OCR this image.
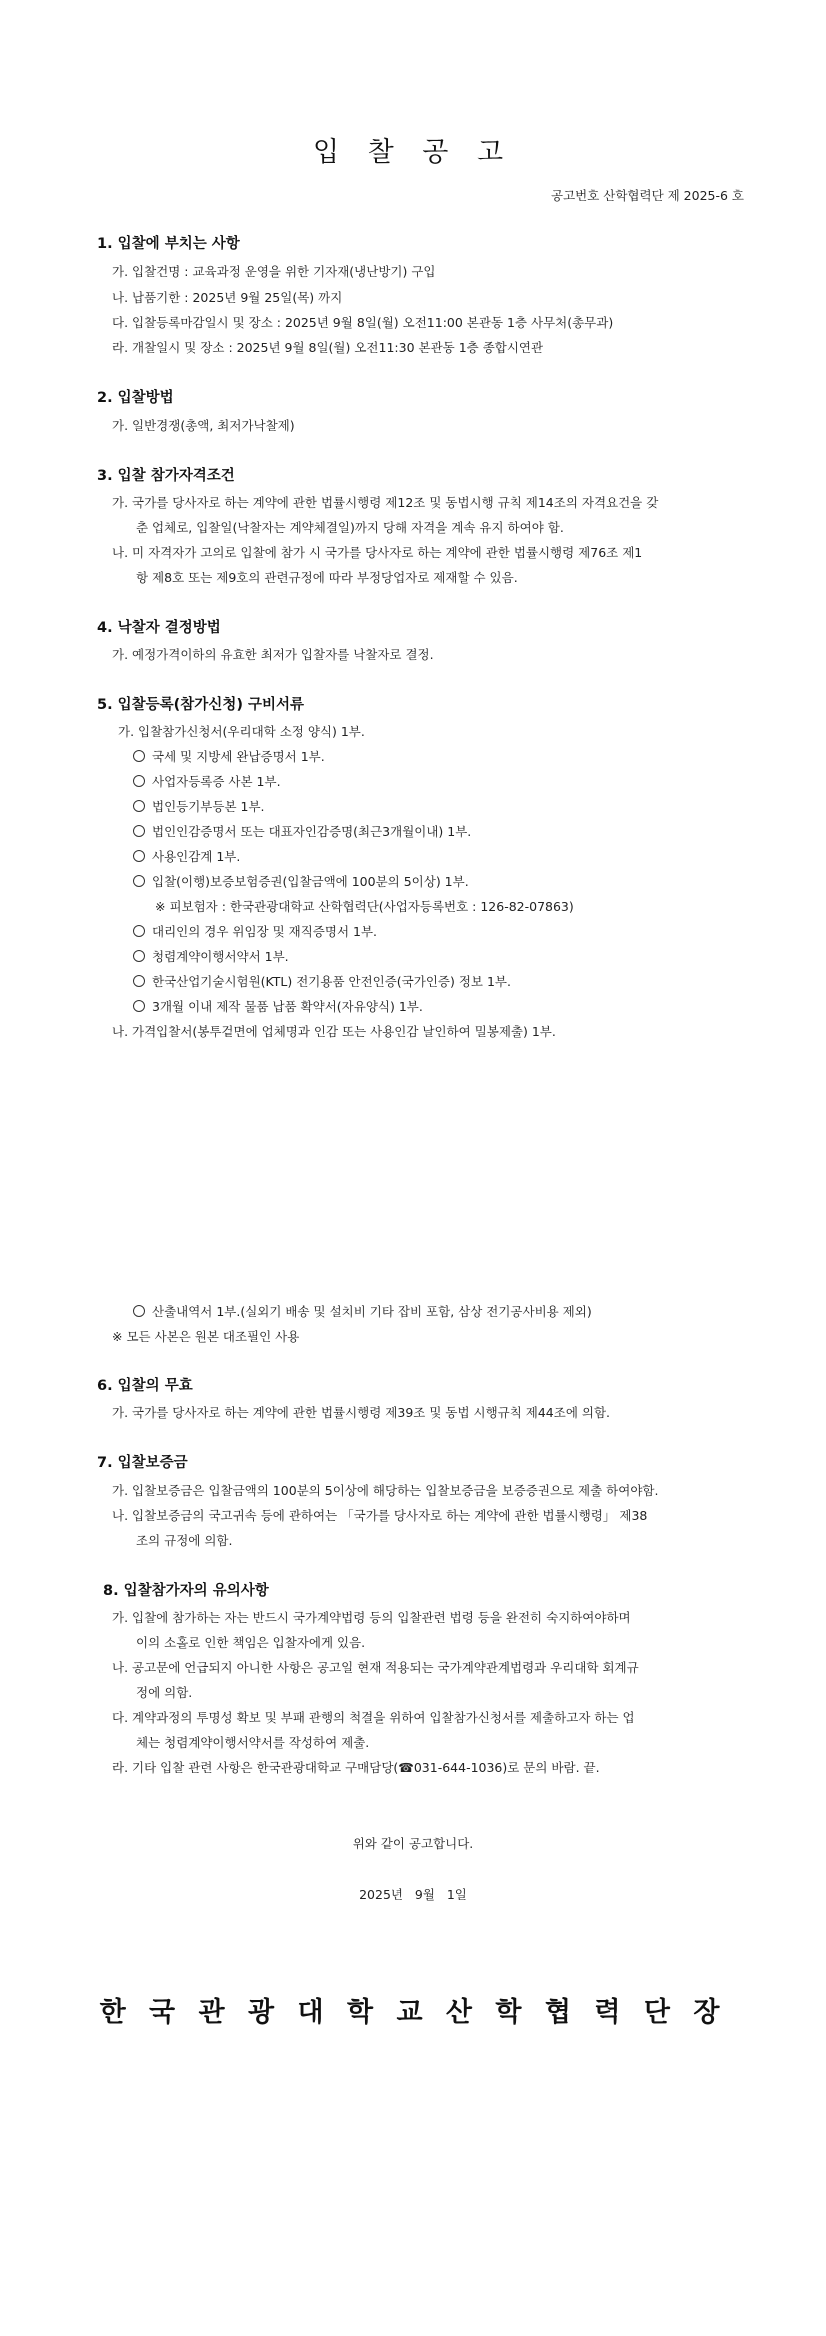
입 찰 공 고
공고번호 산학협력단 제 2025-6 호
1. 입찰에 부치는 사항
가. 입찰건명 : 교육과정 운영을 위한 기자재(냉난방기) 구입
나. 납품기한 : 2025년 9월 25일(목) 까지
다. 입찰등록마감일시 및 장소 : 2025년 9월 8일(월) 오전11:00 본관동 1층 사무처(총무과)
라. 개찰일시 및 장소 : 2025년 9월 8일(월) 오전11:30 본관동 1층 종합시연관
2. 입찰방법
가. 일반경쟁(총액, 최저가낙찰제)
3. 입찰 참가자격조건
가. 국가를 당사자로 하는 계약에 관한 법률시행령 제12조 및 동법시행 규칙 제14조의 자격요건을 갖
춘 업체로, 입찰일(낙찰자는 계약체결일)까지 당해 자격을 계속 유지 하여야 함.
나. 미 자격자가 고의로 입찰에 참가 시 국가를 당사자로 하는 계약에 관한 법률시행령 제76조 제1
항 제8호 또는 제9호의 관련규정에 따라 부정당업자로 제재할 수 있음.
4. 낙찰자 결정방법
가. 예정가격이하의 유효한 최저가 입찰자를 낙찰자로 결정.
5. 입찰등록(참가신청) 구비서류
가. 입찰참가신청서(우리대학 소정 양식) 1부.
국세 및 지방세 완납증명서 1부.
사업자등록증 사본 1부.
법인등기부등본 1부.
법인인감증명서 또는 대표자인감증명(최근3개월이내) 1부.
사용인감계 1부.
입찰(이행)보증보험증권(입찰금액에 100분의 5이상) 1부.
※ 피보험자 : 한국관광대학교 산학협력단(사업자등록번호 : 126-82-07863)
대리인의 경우 위임장 및 재직증명서 1부.
청렴계약이행서약서 1부.
한국산업기술시험원(KTL) 전기용품 안전인증(국가인증) 정보 1부.
3개월 이내 제작 물품 납품 확약서(자유양식) 1부.
나. 가격입찰서(봉투겉면에 업체명과 인감 또는 사용인감 날인하여 밀봉제출) 1부.
산출내역서 1부.(실외기 배송 및 설치비 기타 잡비 포함, 삼상 전기공사비용 제외)
※ 모든 사본은 원본 대조필인 사용
6. 입찰의 무효
가. 국가를 당사자로 하는 계약에 관한 법률시행령 제39조 및 동법 시행규칙 제44조에 의함.
7. 입찰보증금
가. 입찰보증금은 입찰금액의 100분의 5이상에 해당하는 입찰보증금을 보증증권으로 제출 하여야함.
나. 입찰보증금의 국고귀속 등에 관하여는 「국가를 당사자로 하는 계약에 관한 법률시행령」 제38
조의 규정에 의함.
8. 입찰참가자의 유의사항
가. 입찰에 참가하는 자는 반드시 국가계약법령 등의 입찰관련 법령 등을 완전히 숙지하여야하며
이의 소홀로 인한 책임은 입찰자에게 있음.
나. 공고문에 언급되지 아니한 사항은 공고일 현재 적용되는 국가계약관계법령과 우리대학 회계규
정에 의함.
다. 계약과정의 투명성 확보 및 부패 관행의 척결을 위하여 입찰참가신청서를 제출하고자 하는 업
체는 청렴계약이행서약서를 작성하여 제출.
라. 기타 입찰 관련 사항은 한국관광대학교 구매담당(☎031-644-1036)로 문의 바람. 끝.
위와 같이 공고합니다.
2025년   9월   1일
한 국 관 광 대 학 교 산 학 협 력 단 장
